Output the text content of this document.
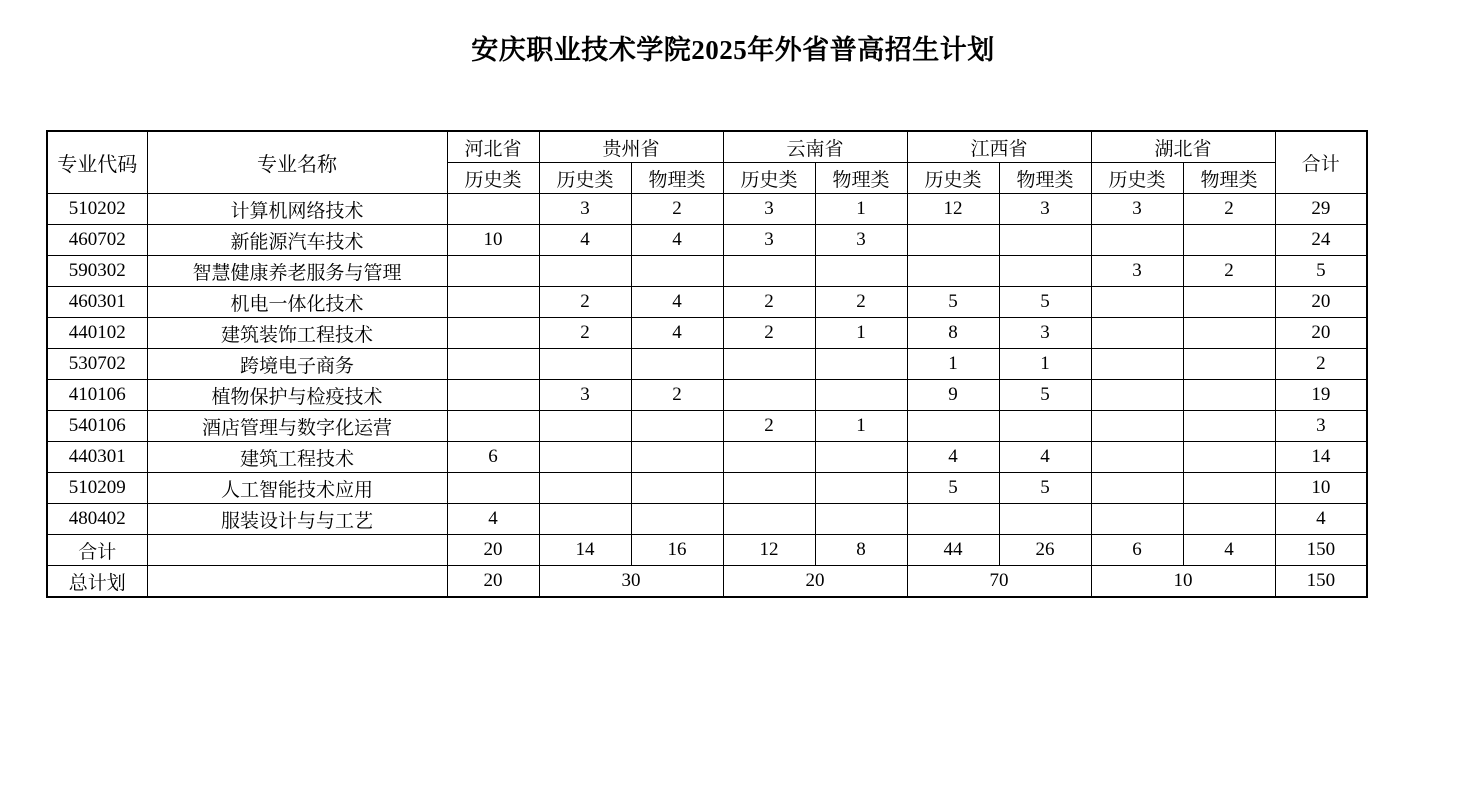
安庆职业技术学院2025年外省普高招生计划
专业代码	专业名称	河北省	贵州省		云南省		江西省		湖北省		合计
		历史类	历史类	物理类	历史类	物理类	历史类	物理类	历史类	物理类	
510202	计算机网络技术		3	2	3	1	12	3	3	2	29
460702	新能源汽车技术	10	4	4	3	3					24
590302	智慧健康养老服务与管理								3	2	5
460301	机电一体化技术		2	4	2	2	5	5			20
440102	建筑装饰工程技术		2	4	2	1	8	3			20
530702	跨境电子商务						1	1			2
410106	植物保护与检疫技术		3	2			9	5			19
540106	酒店管理与数字化运营				2	1					3
440301	建筑工程技术	6					4	4			14
510209	人工智能技术应用						5	5			10
480402	服装设计与与工艺	4									4
合计		20	14	16	12	8	44	26	6	4	150
总计划		20	30		20		70		10		150
